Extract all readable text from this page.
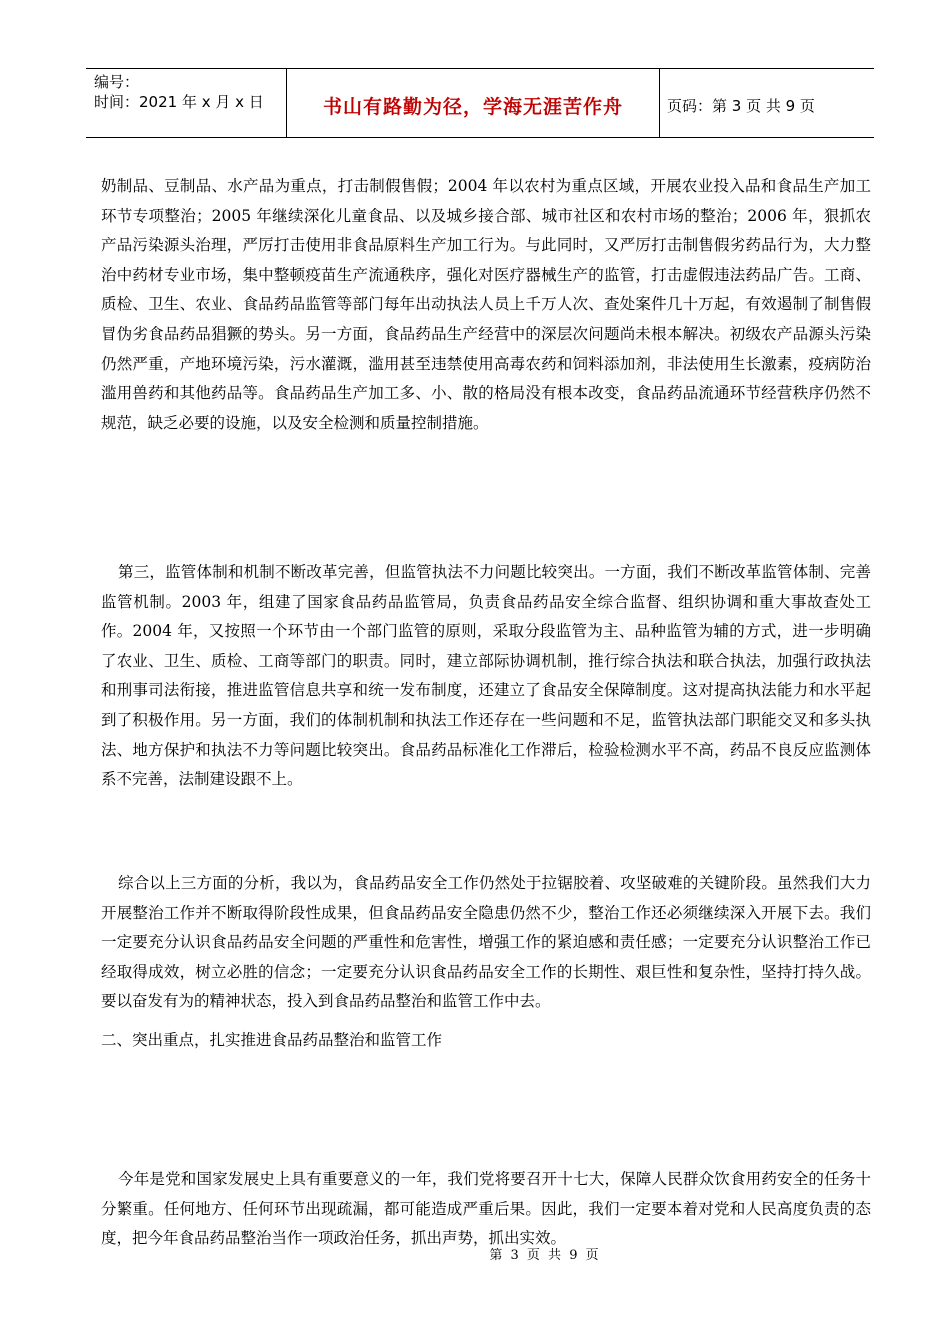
编号：
时间：2021 年 x 月 x 日	书山有路勤为径，学海无涯苦作舟	页码：第 3 页 共 9 页

奶制品、豆制品、水产品为重点，打击制假售假；2004 年以农村为重点区域，开展农业投入品和食品生产加工环节专项整治；2005 年继续深化儿童食品、以及城乡接合部、城市社区和农村市场的整治；2006 年，狠抓农产品污染源头治理，严厉打击使用非食品原料生产加工行为。与此同时，又严厉打击制售假劣药品行为，大力整治中药材专业市场，集中整顿疫苗生产流通秩序，强化对医疗器械生产的监管，打击虚假违法药品广告。工商、质检、卫生、农业、食品药品监管等部门每年出动执法人员上千万人次、查处案件几十万起，有效遏制了制售假冒伪劣食品药品猖獗的势头。另一方面，食品药品生产经营中的深层次问题尚未根本解决。初级农产品源头污染仍然严重，产地环境污染，污水灌溉，滥用甚至违禁使用高毒农药和饲料添加剂，非法使用生长激素，疫病防治滥用兽药和其他药品等。食品药品生产加工多、小、散的格局没有根本改变，食品药品流通环节经营秩序仍然不规范，缺乏必要的设施，以及安全检测和质量控制措施。

第三，监管体制和机制不断改革完善，但监管执法不力问题比较突出。一方面，我们不断改革监管体制、完善监管机制。2003 年，组建了国家食品药品监管局，负责食品药品安全综合监督、组织协调和重大事故查处工作。2004 年，又按照一个环节由一个部门监管的原则，采取分段监管为主、品种监管为辅的方式，进一步明确了农业、卫生、质检、工商等部门的职责。同时，建立部际协调机制，推行综合执法和联合执法，加强行政执法和刑事司法衔接，推进监管信息共享和统一发布制度，还建立了食品安全保障制度。这对提高执法能力和水平起到了积极作用。另一方面，我们的体制机制和执法工作还存在一些问题和不足，监管执法部门职能交叉和多头执法、地方保护和执法不力等问题比较突出。食品药品标准化工作滞后，检验检测水平不高，药品不良反应监测体系不完善，法制建设跟不上。

综合以上三方面的分析，我以为，食品药品安全工作仍然处于拉锯胶着、攻坚破难的关键阶段。虽然我们大力开展整治工作并不断取得阶段性成果，但食品药品安全隐患仍然不少，整治工作还必须继续深入开展下去。我们一定要充分认识食品药品安全问题的严重性和危害性，增强工作的紧迫感和责任感；一定要充分认识整治工作已经取得成效，树立必胜的信念；一定要充分认识食品药品安全工作的长期性、艰巨性和复杂性，坚持打持久战。要以奋发有为的精神状态，投入到食品药品整治和监管工作中去。

二、突出重点，扎实推进食品药品整治和监管工作

今年是党和国家发展史上具有重要意义的一年，我们党将要召开十七大，保障人民群众饮食用药安全的任务十分繁重。任何地方、任何环节出现疏漏，都可能造成严重后果。因此，我们一定要本着对党和人民高度负责的态度，把今年食品药品整治当作一项政治任务，抓出声势，抓出实效。

第 3 页 共 9 页
